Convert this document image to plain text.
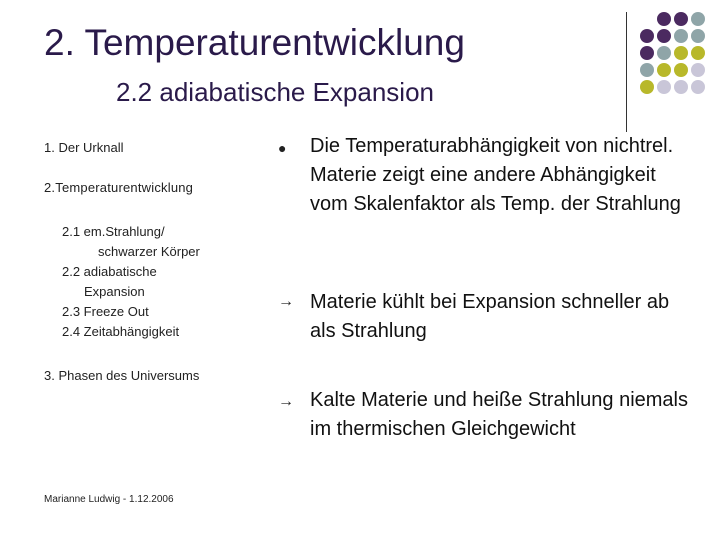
2. Temperaturentwicklung
2.2 adiabatische Expansion
1. Der Urknall
2.Temperaturentwicklung
2.1 em.Strahlung/
schwarzer Körper
2.2 adiabatische
Expansion
2.3 Freeze Out
2.4 Zeitabhängigkeit
3. Phasen des Universums
● Die Temperaturabhängigkeit von nichtrel. Materie zeigt eine andere Abhängigkeit vom Skalenfaktor als Temp. der Strahlung
→ Materie kühlt bei Expansion schneller ab als Strahlung
→ Kalte Materie und heiße Strahlung niemals im thermischen Gleichgewicht
Marianne Ludwig - 1.12.2006
